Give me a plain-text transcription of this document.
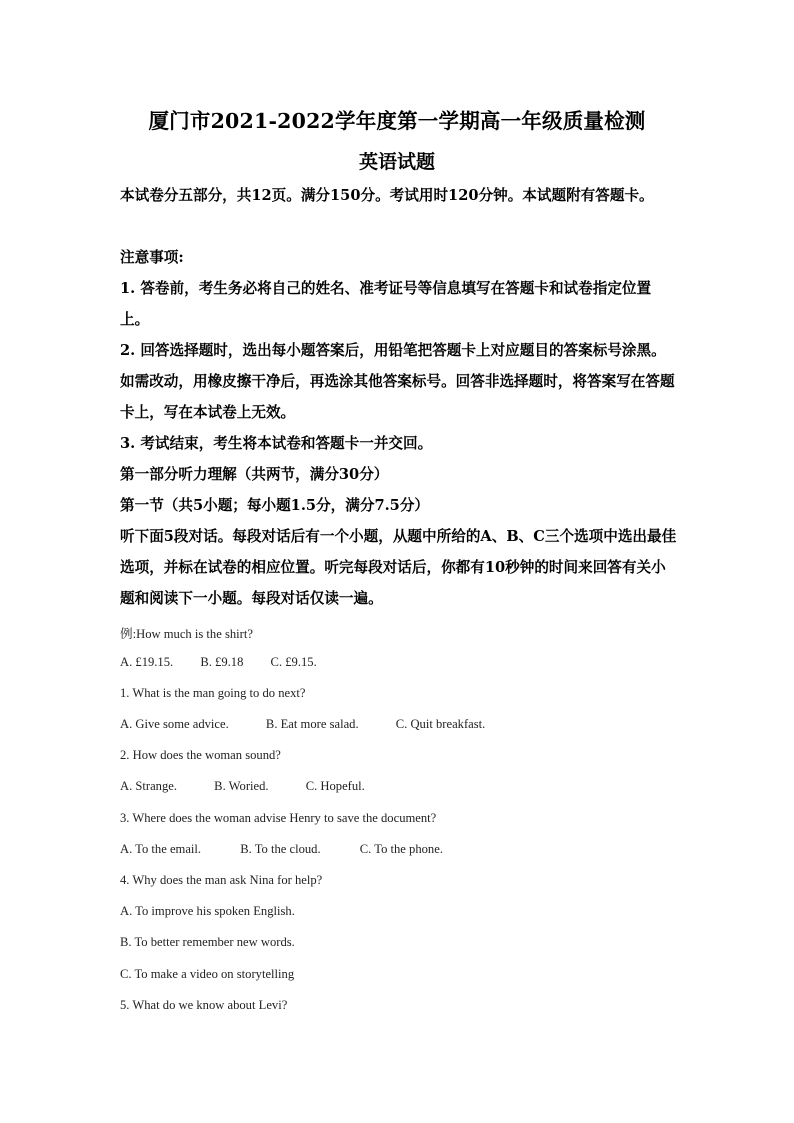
厦门市2021-2022学年度第一学期高一年级质量检测
英语试题
本试卷分五部分，共12页。满分150分。考试用时120分钟。本试题附有答题卡。
注意事项:
1. 答卷前，考生务必将自己的姓名、准考证号等信息填写在答题卡和试卷指定位置上。
2. 回答选择题时，选出每小题答案后，用铅笔把答题卡上对应题目的答案标号涂黑。如需改动，用橡皮擦干净后，再选涂其他答案标号。回答非选择题时，将答案写在答题卡上，写在本试卷上无效。
3. 考试结束，考生将本试卷和答题卡一并交回。
第一部分听力理解（共两节，满分30分）
第一节（共5小题；每小题1.5分，满分7.5分）
听下面5段对话。每段对话后有一个小题，从题中所给的A、B、C三个选项中选出最佳选项，并标在试卷的相应位置。听完每段对话后，你都有10秒钟的时间来回答有关小题和阅读下一小题。每段对话仅读一遍。
例:How much is the shirt?
A. £19.15. B. £9.18 C. £9.15.
1. What is the man going to do next?
A. Give some advice.	B. Eat more salad.	C. Quit breakfast.
2. How does the woman sound?
A. Strange.	B. Woried.	C. Hopeful.
3. Where does the woman advise Henry to save the document?
A. To the email.	B. To the cloud.	C. To the phone.
4. Why does the man ask Nina for help?
A. To improve his spoken English.
B. To better remember new words.
C. To make a video on storytelling
5. What do we know about Levi?
